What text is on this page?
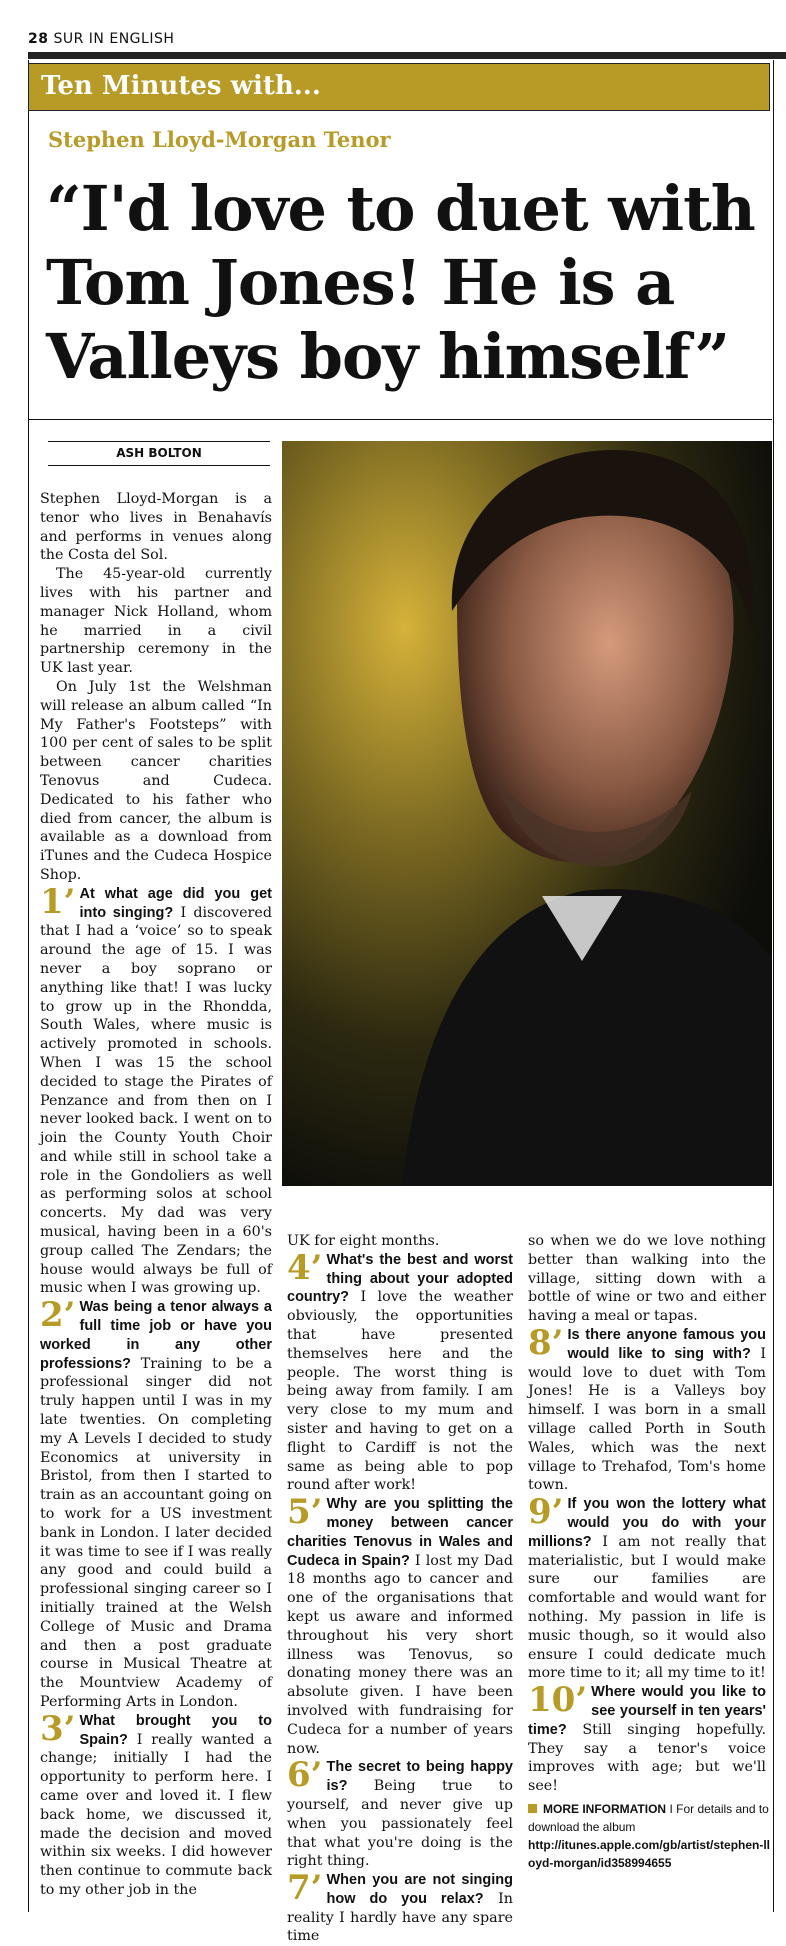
28 SUR IN ENGLISH
Ten Minutes with...
Stephen Lloyd-Morgan Tenor
“I'd love to duet with Tom Jones! He is a Valleys boy himself”
ASH BOLTON

Stephen Lloyd-Morgan is a tenor who lives in Benahavís and performs in venues along the Costa del Sol.

The 45-year-old currently lives with his partner and manager Nick Holland, whom he married in a civil partnership ceremony in the UK last year.

On July 1st the Welshman will release an album called “In My Father's Footsteps” with 100 per cent of sales to be split between cancer charities Tenovus and Cudeca. Dedicated to his father who died from cancer, the album is available as a download from iTunes and the Cudeca Hospice Shop.

1’ At what age did you get into singing? I discovered that I had a ‘voice’ so to speak around the age of 15. I was never a boy soprano or anything like that! I was lucky to grow up in the Rhondda, South Wales, where music is actively promoted in schools. When I was 15 the school decided to stage the Pirates of Penzance and from then on I never looked back. I went on to join the County Youth Choir and while still in school take a role in the Gondoliers as well as performing solos at school concerts. My dad was very musical, having been in a 60's group called The Zendars; the house would always be full of music when I was growing up.
2’ Was being a tenor always a full time job or have you worked in any other professions? Training to be a professional singer did not truly happen until I was in my late twenties. On completing my A Levels I decided to study Economics at university in Bristol, from then I started to train as an accountant going on to work for a US investment bank in London. I later decided it was time to see if I was really any good and could build a professional singing career so I initially trained at the Welsh College of Music and Drama and then a post graduate course in Musical Theatre at the Mountview Academy of Performing Arts in London.
3’ What brought you to Spain? I really wanted a change; initially I had the opportunity to perform here. I came over and loved it. I flew back home, we discussed it, made the decision and moved within six weeks. I did however then continue to commute back to my other job in the

UK for eight months.

4’ What's the best and worst thing about your adopted country? I love the weather obviously, the opportunities that have presented themselves here and the people. The worst thing is being away from family. I am very close to my mum and sister and having to get on a flight to Cardiff is not the same as being able to pop round after work!
5’ Why are you splitting the money between cancer charities Tenovus in Wales and Cudeca in Spain? I lost my Dad 18 months ago to cancer and one of the organisations that kept us aware and informed throughout his very short illness was Tenovus, so donating money there was an absolute given. I have been involved with fundraising for Cudeca for a number of years now.
6’ The secret to being happy is? Being true to yourself, and never give up when you passionately feel that what you're doing is the right thing.
7’ When you are not singing how do you relax? In reality I hardly have any spare time

so when we do we love nothing better than walking into the village, sitting down with a bottle of wine or two and either having a meal or tapas.

8’ Is there anyone famous you would like to sing with? I would love to duet with Tom Jones! He is a Valleys boy himself. I was born in a small village called Porth in South Wales, which was the next village to Trehafod, Tom's home town.
9’ If you won the lottery what would you do with your millions? I am not really that materialistic, but I would make sure our families are comfortable and would want for nothing. My passion in life is music though, so it would also ensure I could dedicate much more time to it; all my time to it!
10’ Where would you like to see yourself in ten years' time? Still singing hopefully. They say a tenor's voice improves with age; but we'll see!
MORE INFORMATION I For details and to download the album
http://itunes.apple.com/gb/artist/stephen-lloyd-morgan/id358994655
